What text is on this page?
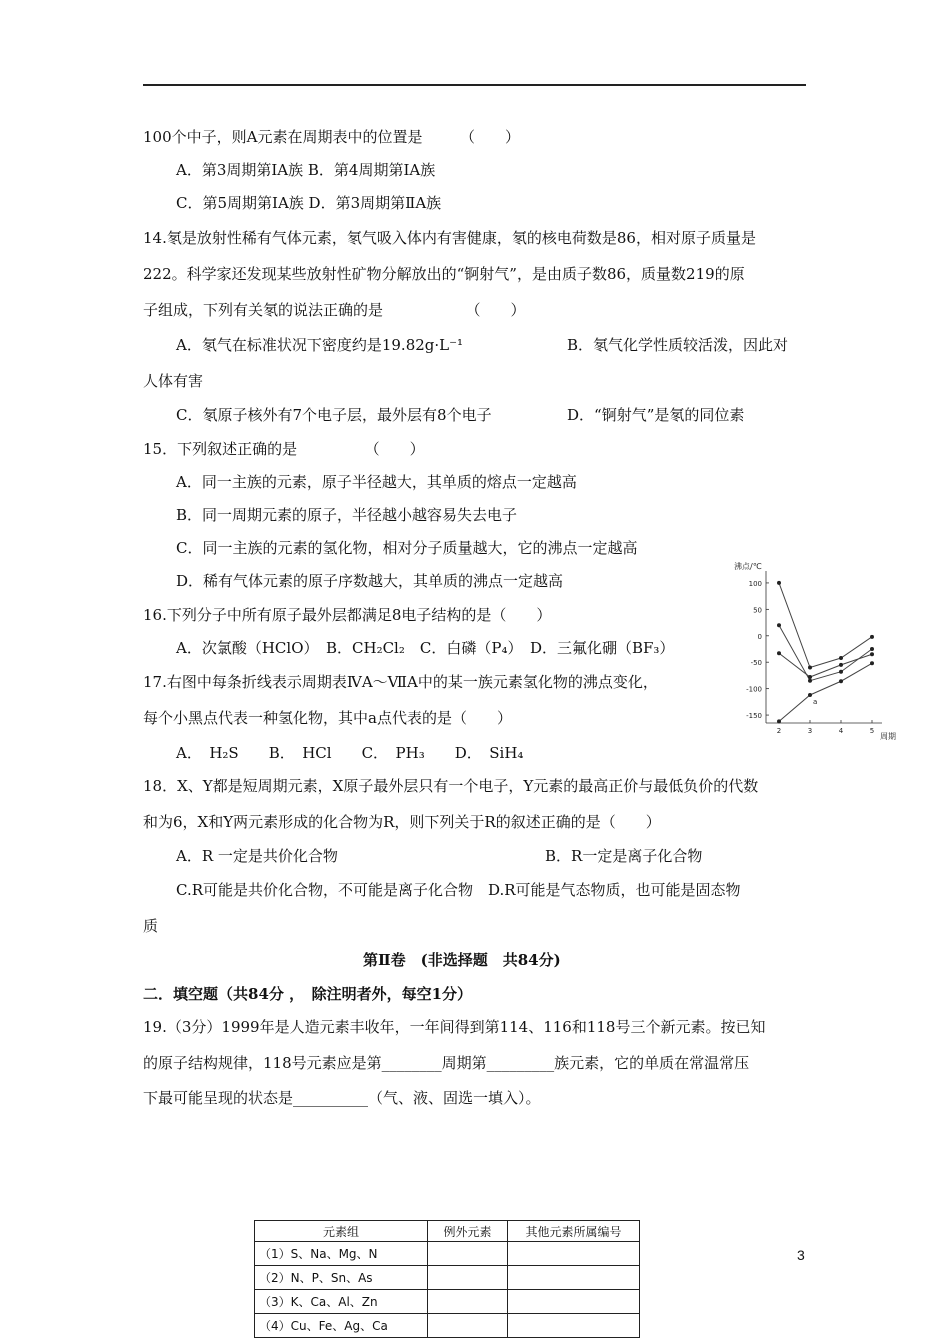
100个中子，则A元素在周期表中的位置是　　　（　　）
A．第3周期第ⅠA族 B．第4周期第ⅠA族
C．第5周期第ⅠA族 D．第3周期第ⅡA族
14.氡是放射性稀有气体元素，氡气吸入体内有害健康，氡的核电荷数是86，相对原子质量是
222。科学家还发现某些放射性矿物分解放出的“锕射气”，是由质子数86，质量数219的原
子组成，下列有关氡的说法正确的是　　　　　　（　　）
A．氡气在标准状况下密度约是19.82g·L⁻¹	B．氡气化学性质较活泼，因此对
人体有害
C．氡原子核外有7个电子层，最外层有8个电子	D．“锕射气”是氡的同位素
15．下列叙述正确的是　　　　　（　　）
A．同一主族的元素，原子半径越大，其单质的熔点一定越高
B．同一周期元素的原子，半径越小越容易失去电子
C．同一主族的元素的氢化物，相对分子质量越大，它的沸点一定越高
D．稀有气体元素的原子序数越大，其单质的沸点一定越高
16.下列分子中所有原子最外层都满足8电子结构的是（　　）
A．次氯酸（HClO）　B．CH₂Cl₂　C．白磷（P₄）　D．三氟化硼（BF₃）
17.右图中每条折线表示周期表ⅣA～ⅦA中的某一族元素氢化物的沸点变化，
每个小黑点代表一种氢化物，其中a点代表的是（　　）
A．　H₂S　　B．　HCl　　C．　PH₃　　D．　SiH₄
18．X、Y都是短周期元素，X原子最外层只有一个电子，Y元素的最高正价与最低负价的代数
和为6，X和Y两元素形成的化合物为R，则下列关于R的叙述正确的是（　　）
A．R 一定是共价化合物	B．R一定是离子化合物
C.R可能是共价化合物，不可能是离子化合物　D.R可能是气态物质，也可能是固态物
质
第Ⅱ卷　(非选择题　共84分)
二．填空题（共84分 ，　除注明者外，每空1分）
19.（3分）1999年是人造元素丰收年，一年间得到第114、116和118号三个新元素。按已知
的原子结构规律，118号元素应是第________周期第_________族元素，它的单质在常温常压
下最可能呈现的状态是__________（气、液、固选一填入）。
沸点/℃
周期
100
50
0
-50
-100
-150
2	3	4	5
a
3
元素组	例外元素	其他元素所属编号
（1）S、Na、Mg、N		
（2）N、P、Sn、As		
（3）K、Ca、Al、Zn		
（4）Cu、Fe、Ag、Ca		
